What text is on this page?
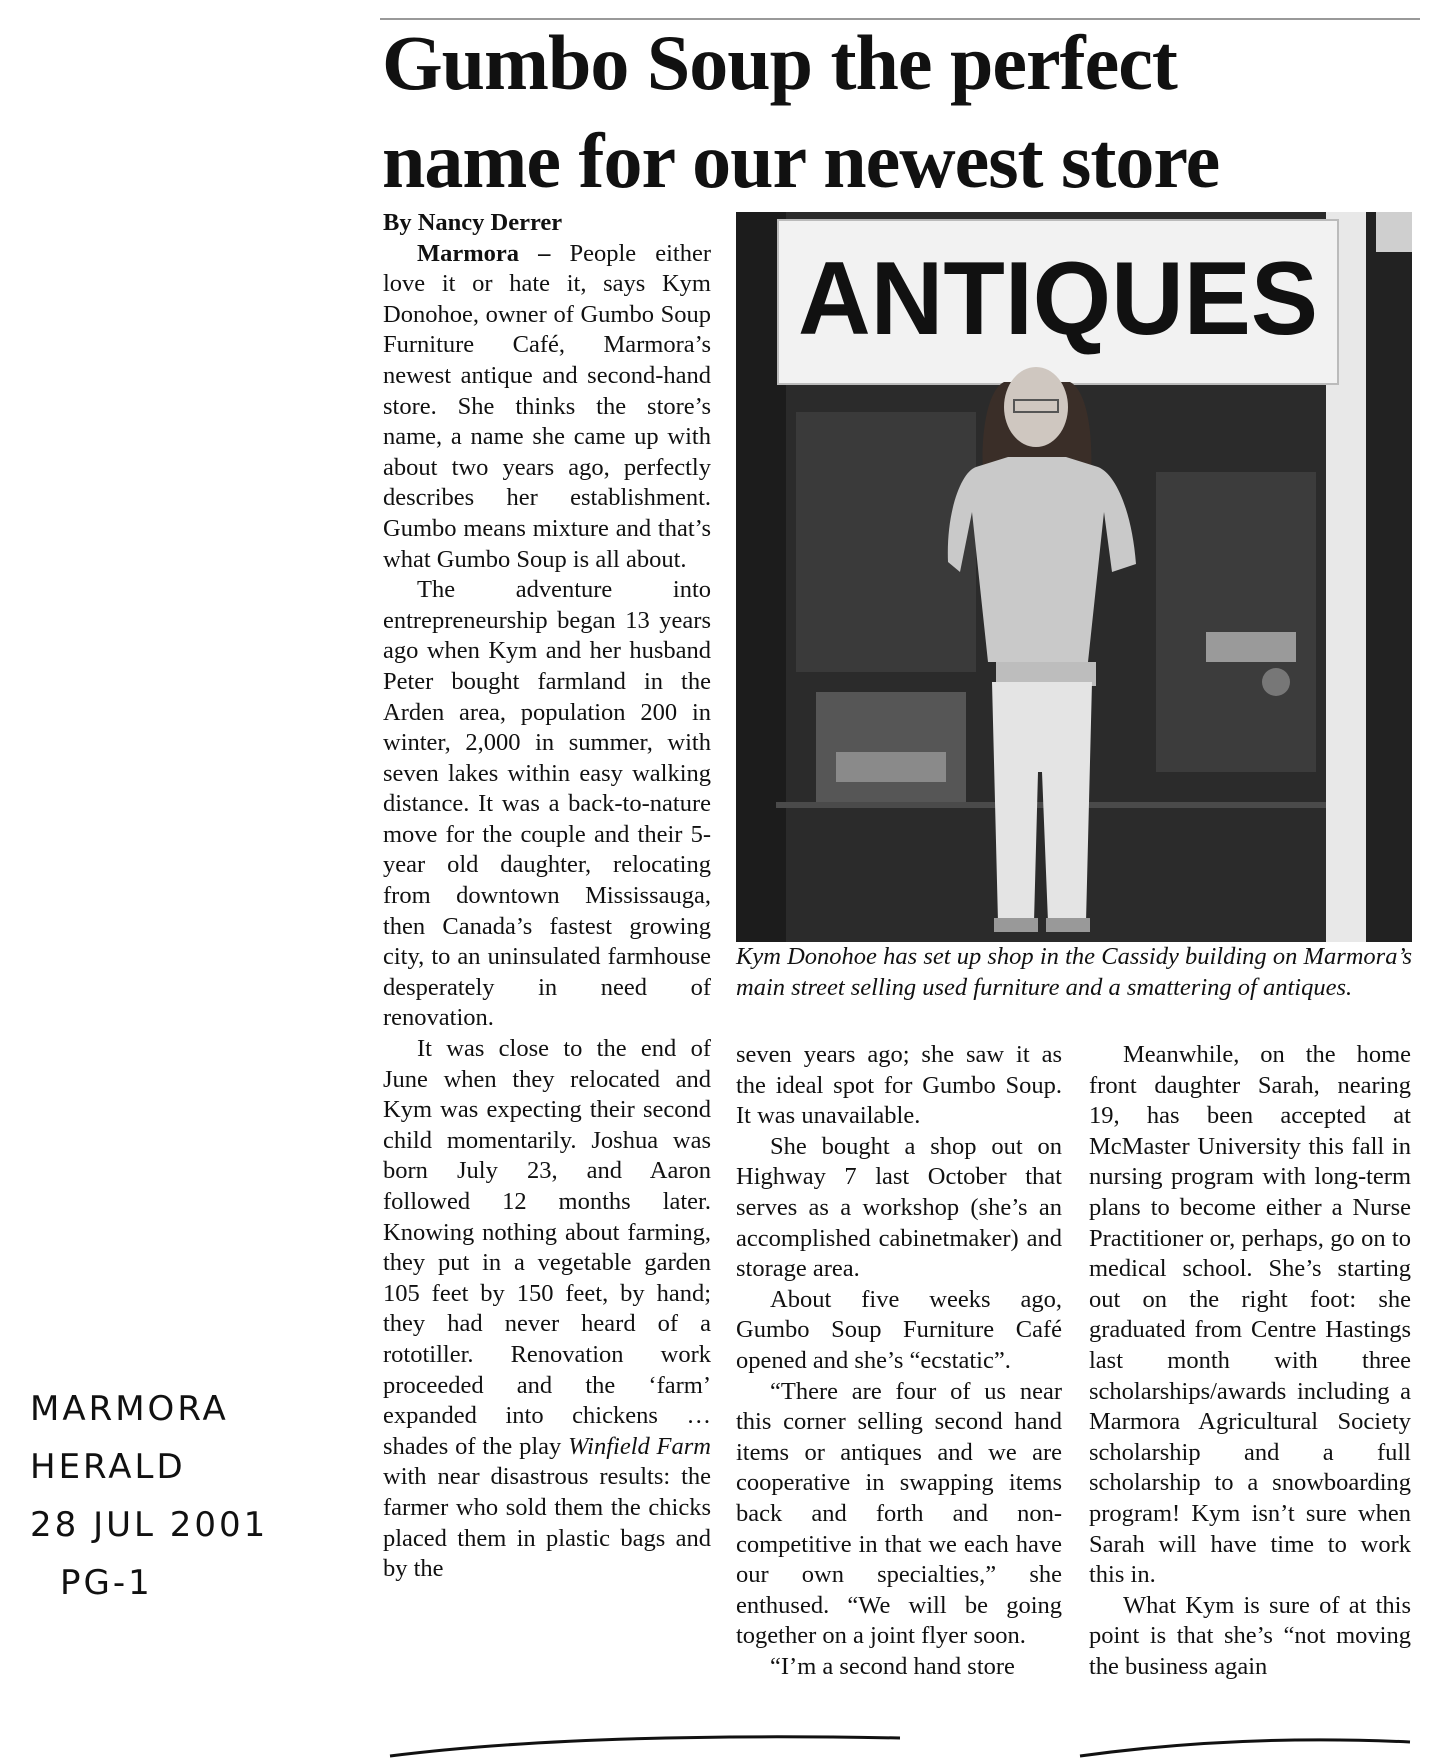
Gumbo Soup the perfect
name for our newest store

By Nancy Derrer

Marmora – People either love it or hate it, says Kym Donohoe, owner of Gumbo Soup Furniture Café, Marmora’s newest antique and second-hand store. She thinks the store’s name, a name she came up with about two years ago, perfectly describes her establishment. Gumbo means mixture and that’s what Gumbo Soup is all about.

The adventure into entrepreneurship began 13 years ago when Kym and her husband Peter bought farmland in the Arden area, population 200 in winter, 2,000 in summer, with seven lakes within easy walking distance. It was a back-to-nature move for the couple and their 5-year old daughter, relocating from downtown Mississauga, then Canada’s fastest growing city, to an uninsulated farmhouse desperately in need of renovation.

It was close to the end of June when they relocated and Kym was expecting their second child momentarily. Joshua was born July 23, and Aaron followed 12 months later. Knowing nothing about farming, they put in a vegetable garden 105 feet by 150 feet, by hand; they had never heard of a rototiller. Renovation work proceeded and the ‘farm’ expanded into chickens … shades of the play Winfield Farm with near disastrous results: the farmer who sold them the chicks placed them in plastic bags and by the

ANTIQUES
Kym Donohoe has set up shop in the Cassidy building on Marmora’s main street selling used furniture and a smattering of antiques.

seven years ago; she saw it as the ideal spot for Gumbo Soup. It was unavailable.

She bought a shop out on Highway 7 last October that serves as a workshop (she’s an accomplished cabinetmaker) and storage area.

About five weeks ago, Gumbo Soup Furniture Café opened and she’s “ecstatic”.

“There are four of us near this corner selling second hand items or antiques and we are cooperative in swapping items back and forth and non-competitive in that we each have our own specialties,” she enthused. “We will be going together on a joint flyer soon.

“I’m a second hand store

Meanwhile, on the home front daughter Sarah, nearing 19, has been accepted at McMaster University this fall in nursing program with long-term plans to become either a Nurse Practitioner or, perhaps, go on to medical school. She’s starting out on the right foot: she graduated from Centre Hastings last month with three scholarships/awards including a Marmora Agricultural Society scholarship and a full scholarship to a snowboarding program! Kym isn’t sure when Sarah will have time to work this in.

What Kym is sure of at this point is that she’s “not moving the business again

MARMORA
HERALD
28 JUL 2001
PG-1
